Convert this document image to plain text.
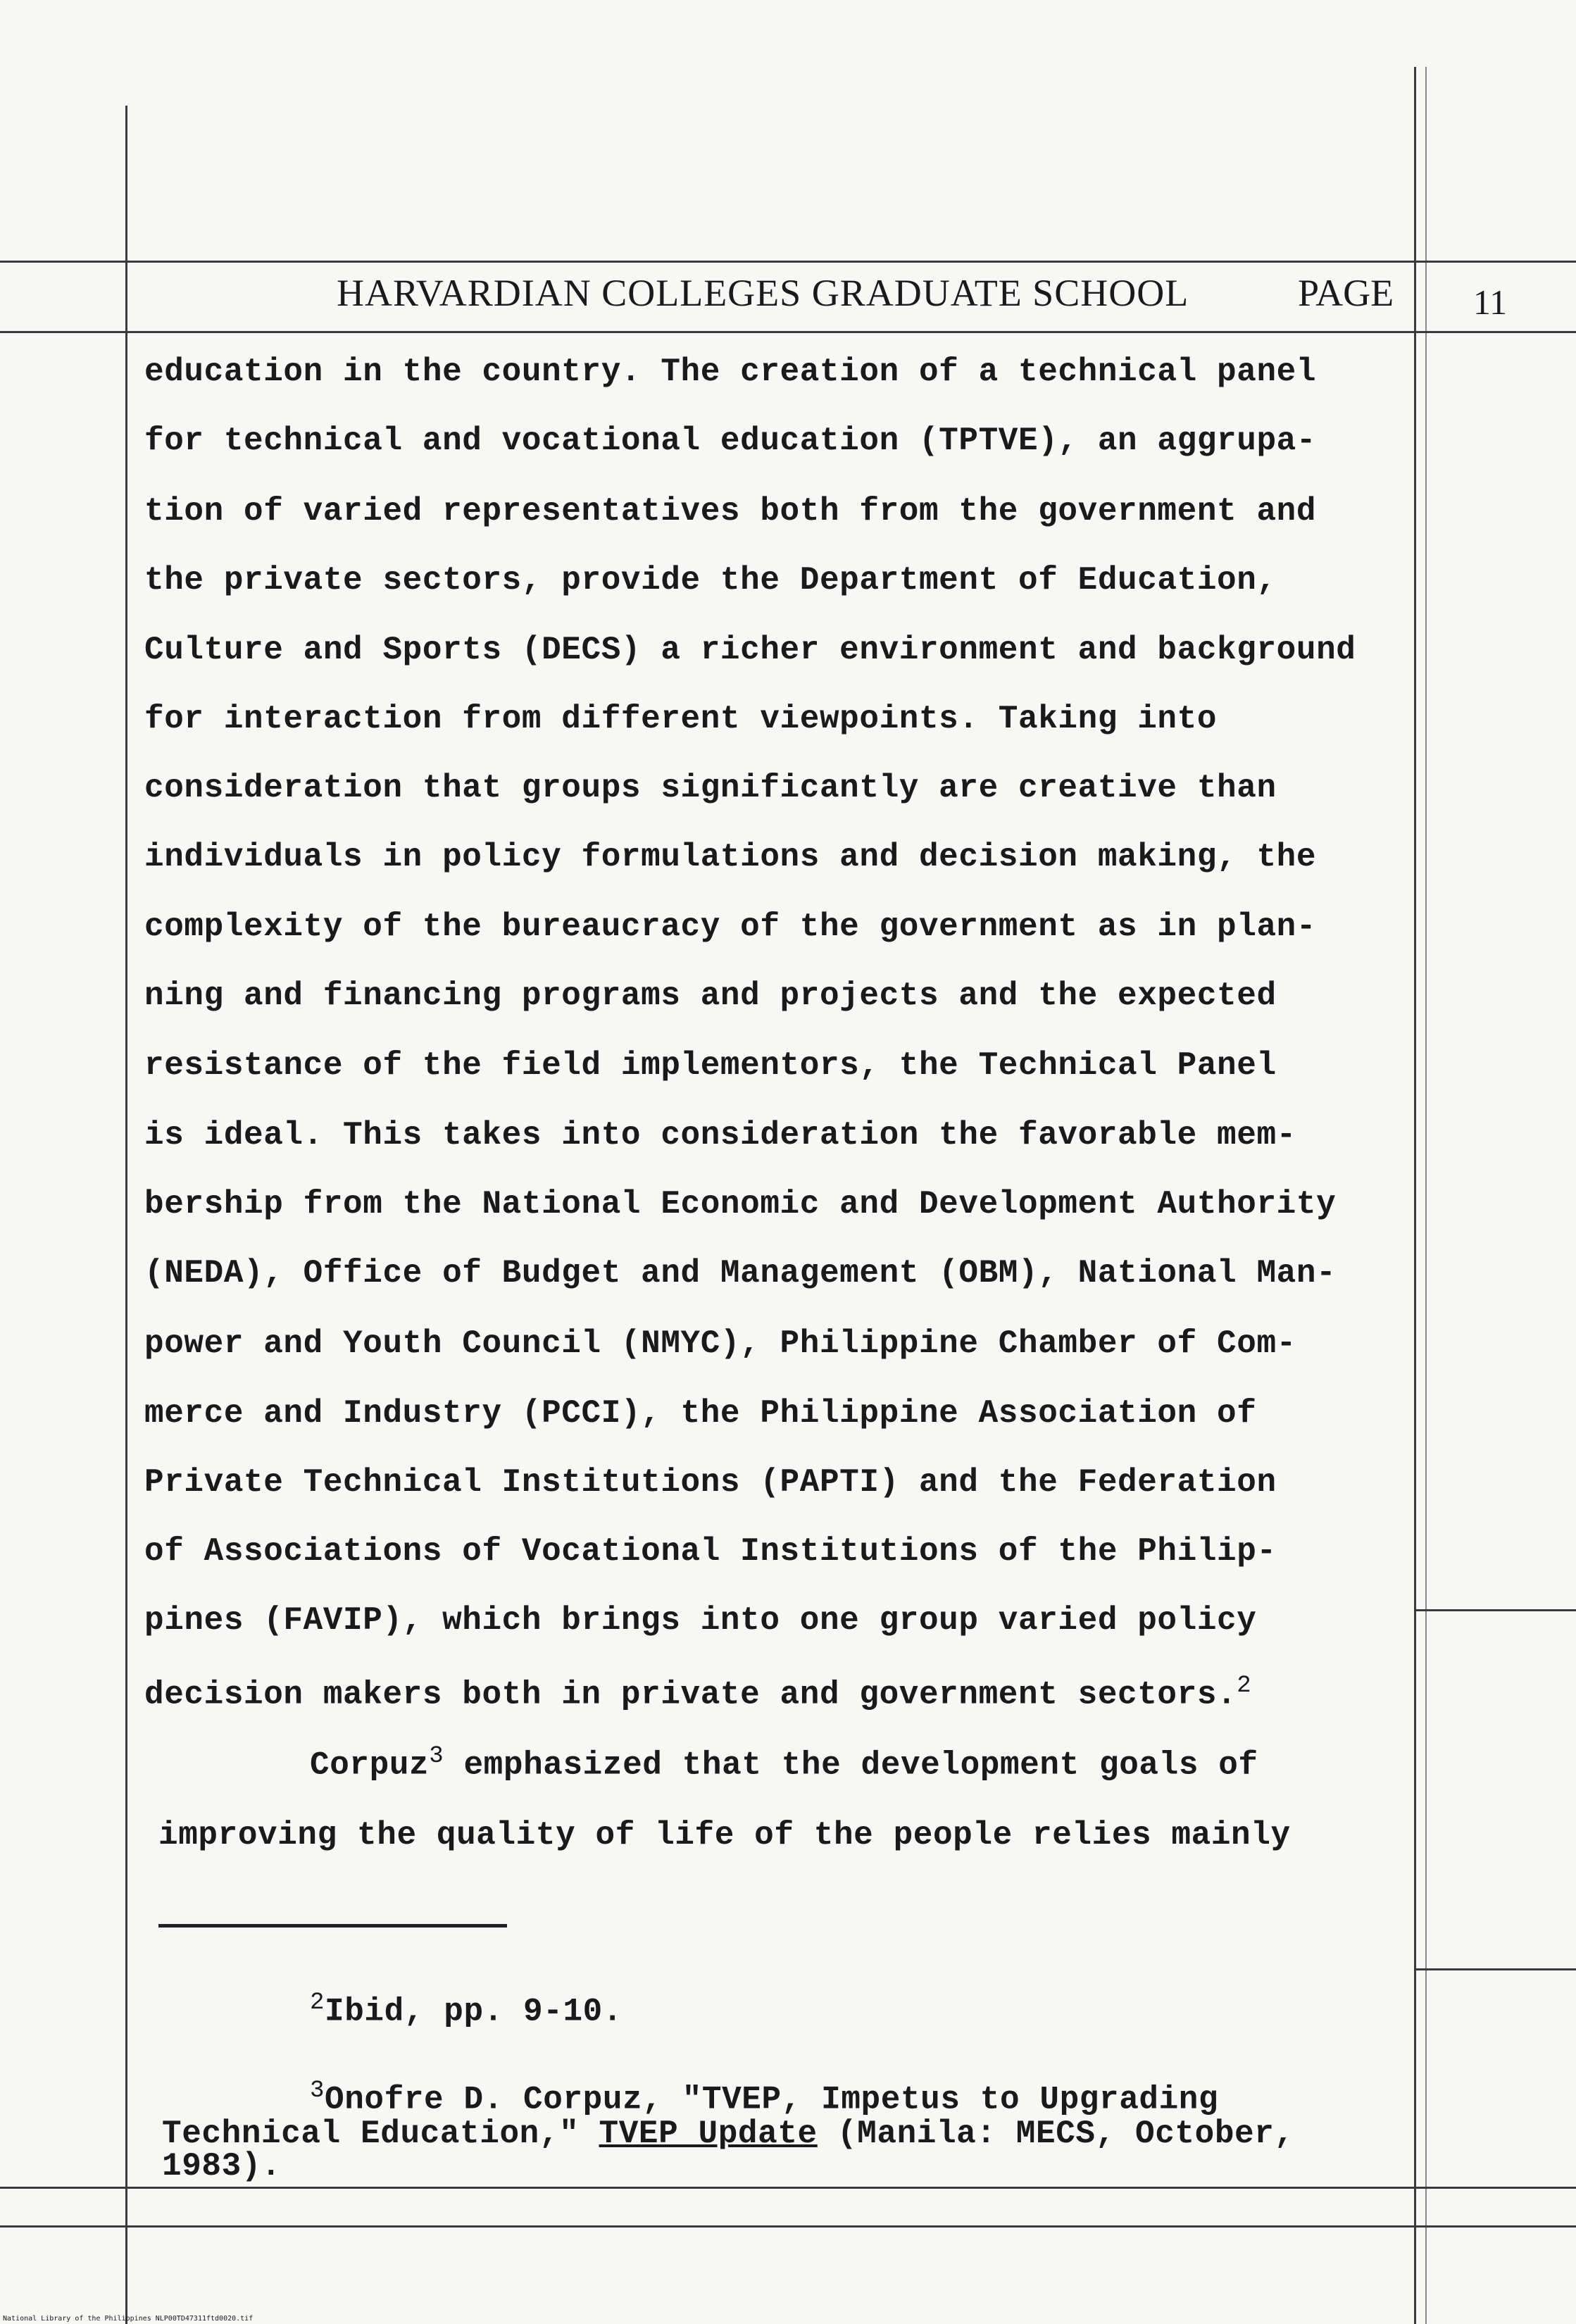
HARVARDIAN COLLEGES GRADUATE SCHOOL	PAGE 11
education in the country. The creation of a technical panel
for technical and vocational education (TPTVE), an aggrupa-
tion of varied representatives both from the government and
the private sectors, provide the Department of Education,
Culture and Sports (DECS) a richer environment and background
for interaction from different viewpoints. Taking into
consideration that groups significantly are creative than
individuals in policy formulations and decision making, the
complexity of the bureaucracy of the government as in plan-
ning and financing programs and projects and the expected
resistance of the field implementors, the Technical Panel
is ideal. This takes into consideration the favorable mem-
bership from the National Economic and Development Authority
(NEDA), Office of Budget and Management (OBM), National Man-
power and Youth Council (NMYC), Philippine Chamber of Com-
merce and Industry (PCCI), the Philippine Association of
Private Technical Institutions (PAPTI) and the Federation
of Associations of Vocational Institutions of the Philip-
pines (FAVIP), which brings into one group varied policy
decision makers both in private and government sectors.$^2$
Corpuz$^3$ emphasized that the development goals of
improving the quality of life of the people relies mainly
$^2$Ibid, pp. 9-10.
$^3$Onofre D. Corpuz, "TVEP, Impetus to Upgrading
Technical Education," TVEP Update (Manila: MECS, October,
1983).
National Library of the Philippines NLP00TD47311ftd0020.tif
